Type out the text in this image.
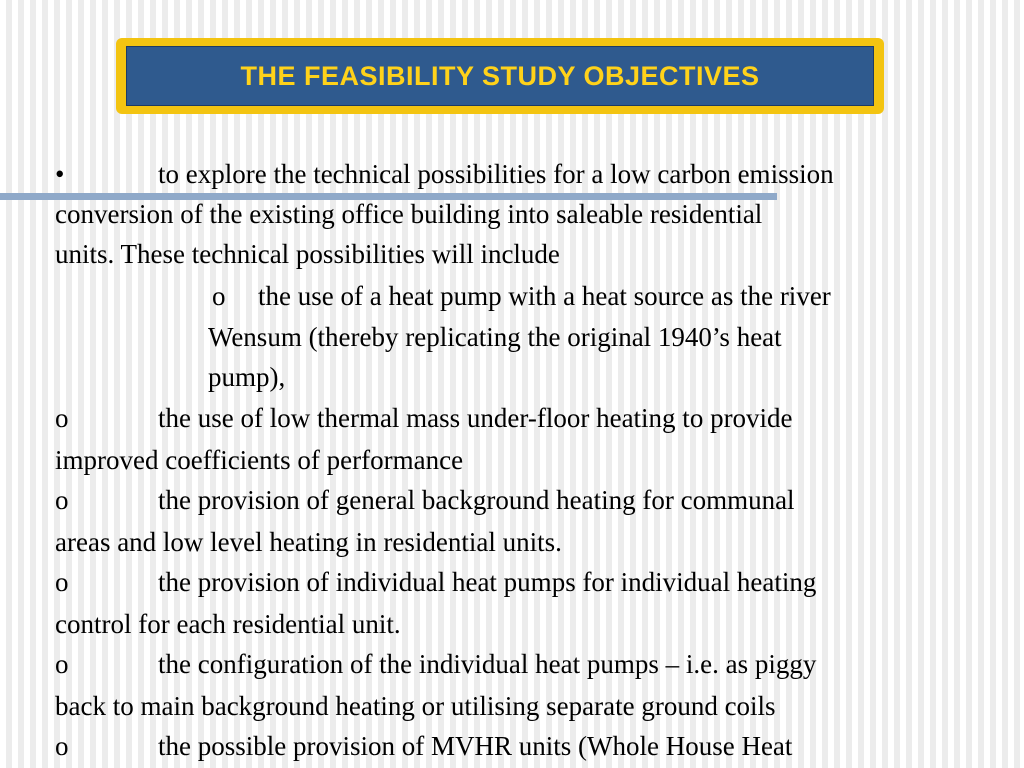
THE FEASIBILITY STUDY OBJECTIVES
•	to explore the technical possibilities for a low carbon emission
conversion of the existing office building into saleable residential
units. These technical possibilities will include
o the use of a heat pump with a heat source as the river
Wensum (thereby replicating the original 1940’s heat
pump),
o	the use of low thermal mass under-floor heating to provide
improved coefficients of performance
o	the provision of general background heating for communal
areas and low level heating in residential units.
o	the provision of individual heat pumps for individual heating
control for each residential unit.
o	the configuration of the individual heat pumps – i.e. as piggy
back to main background heating or utilising separate ground coils
o	the possible provision of MVHR units (Whole House Heat
